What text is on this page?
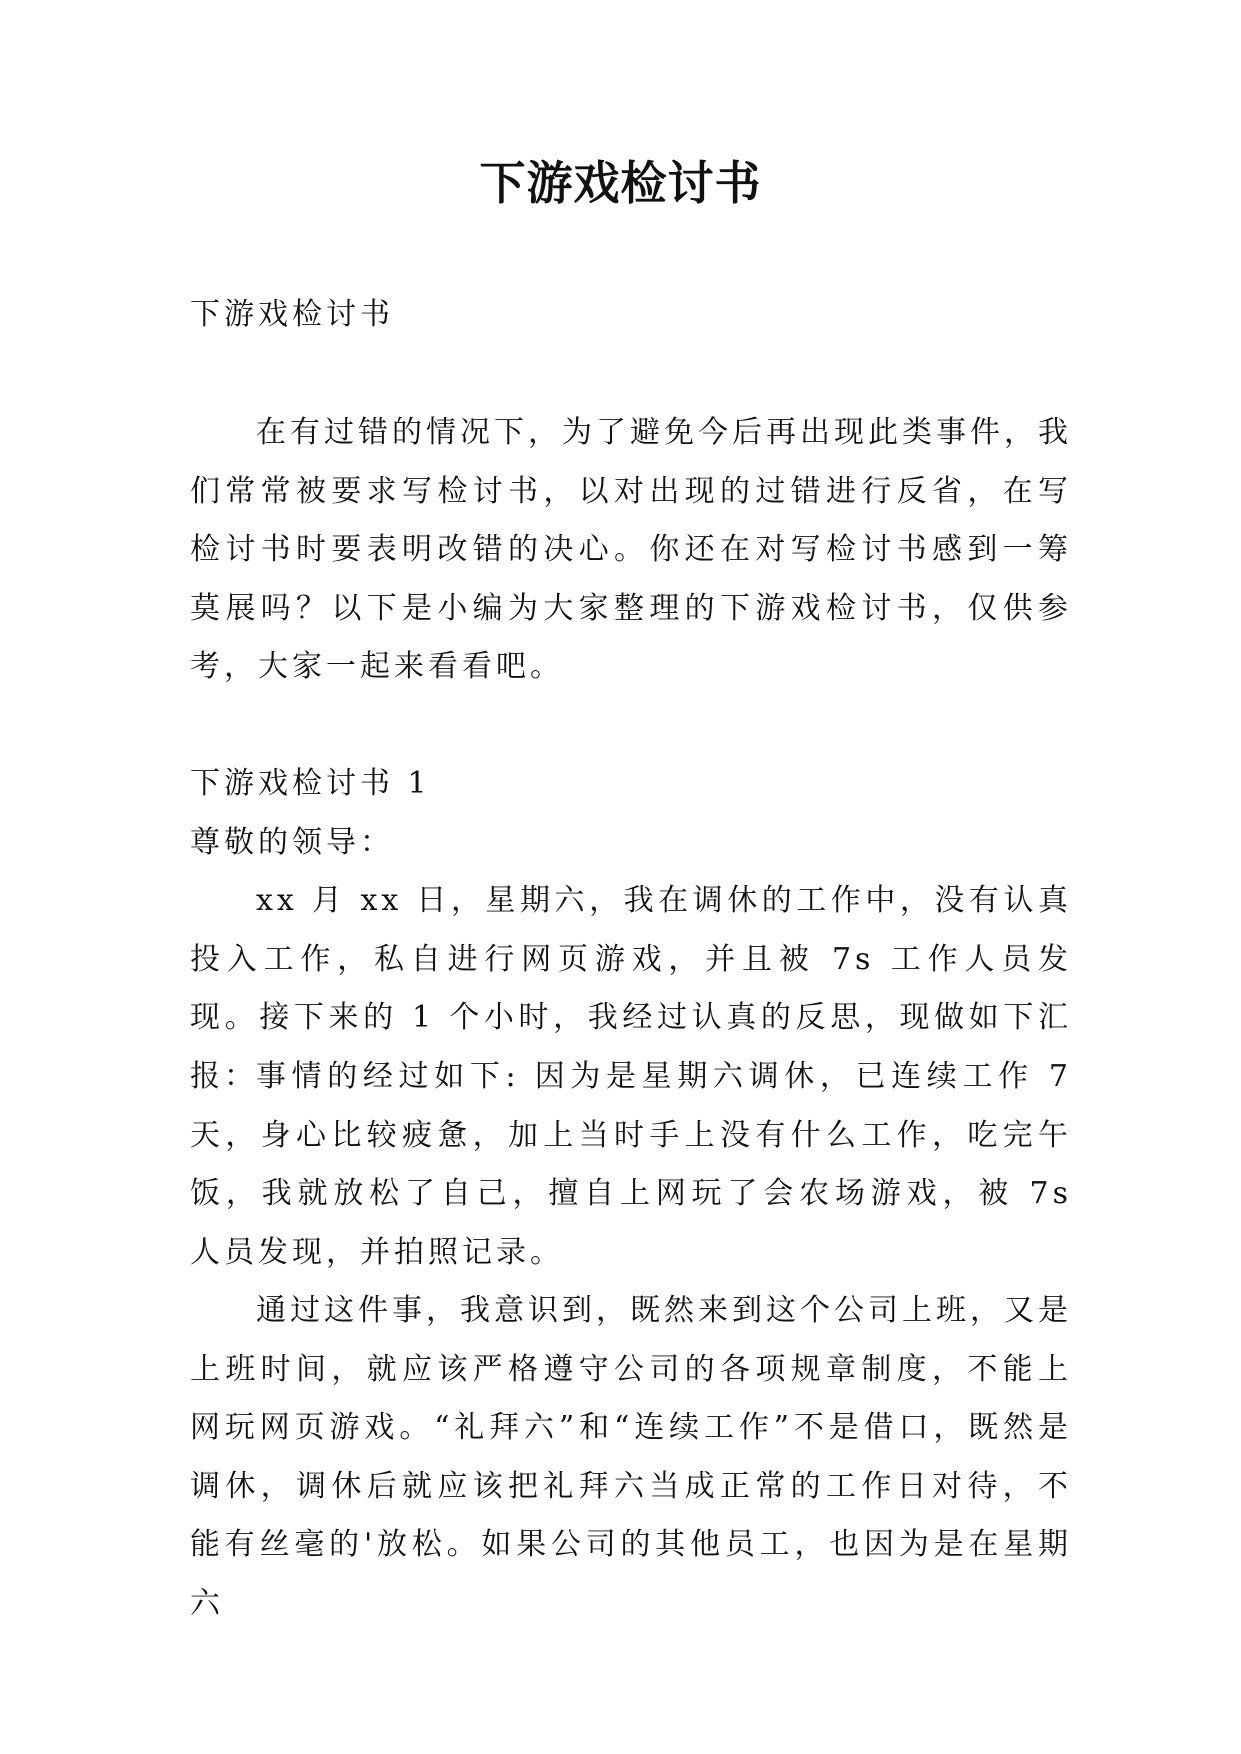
下游戏检讨书
下游戏检讨书
在有过错的情况下，为了避免今后再出现此类事件，我们常常被要求写检讨书，以对出现的过错进行反省，在写检讨书时要表明改错的决心。你还在对写检讨书感到一筹莫展吗？以下是小编为大家整理的下游戏检讨书，仅供参考，大家一起来看看吧。
下游戏检讨书 1
尊敬的领导：
xx 月 xx 日，星期六，我在调休的工作中，没有认真投入工作，私自进行网页游戏，并且被 7s 工作人员发现。接下来的 1 个小时，我经过认真的反思，现做如下汇报：
事情的经过如下: 因为是星期六调休，已连续工作 7 天，身心比较疲惫，加上当时手上没有什么工作，吃完午饭，我就放松了自己，擅自上网玩了会农场游戏，被 7s 人员发现，并拍照记录。
通过这件事，我意识到，既然来到这个公司上班，又是上班时间，就应该严格遵守公司的各项规章制度，不能上网玩网页游戏。“礼拜六”和“连续工作”不是借口，既然是调休，调休后就应该把礼拜六当成正常的工作日对待，不能有丝毫的'放松。如果公司的其他员工，也因为是在星期六
